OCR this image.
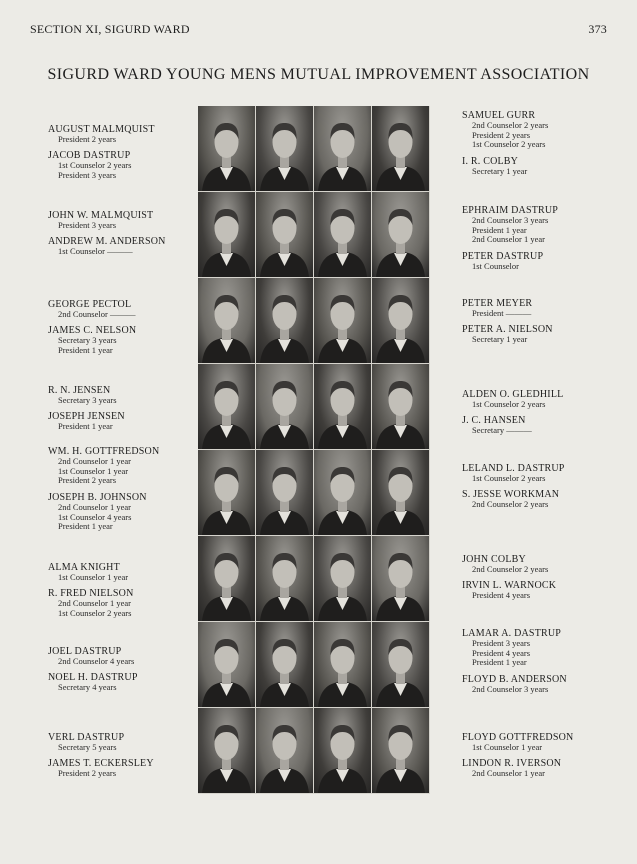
SECTION XI, SIGURD WARD	373
SIGURD WARD YOUNG MENS MUTUAL IMPROVEMENT ASSOCIATION
AUGUST MALMQUIST
President 2 years
JACOB DASTRUP
1st Counselor 2 years
President 3 years
JOHN W. MALMQUIST
President 3 years
ANDREW M. ANDERSON
1st Counselor ———
GEORGE PECTOL
2nd Counselor ———
JAMES C. NELSON
Secretary 3 years
President 1 year
R. N. JENSEN
Secretary 3 years
JOSEPH JENSEN
President 1 year
WM. H. GOTTFREDSON
2nd Counselor 1 year
1st Counselor 1 year
President 2 years
JOSEPH B. JOHNSON
2nd Counselor 1 year
1st Counselor 4 years
President 1 year
ALMA KNIGHT
1st Counselor 1 year
R. FRED NIELSON
2nd Counselor 1 year
1st Counselor 2 years
JOEL DASTRUP
2nd Counselor 4 years
NOEL H. DASTRUP
Secretary 4 years
VERL DASTRUP
Secretary 5 years
JAMES T. ECKERSLEY
President 2 years
SAMUEL GURR
2nd Counselor 2 years
President 2 years
1st Counselor 2 years
I. R. COLBY
Secretary 1 year
EPHRAIM DASTRUP
2nd Counselor 3 years
President 1 year
2nd Counselor 1 year
PETER DASTRUP
1st Counselor
PETER MEYER
President ———
PETER A. NIELSON
Secretary 1 year
ALDEN O. GLEDHILL
1st Counselor 2 years
J. C. HANSEN
Secretary ———
LELAND L. DASTRUP
1st Counselor 2 years
S. JESSE WORKMAN
2nd Counselor 2 years
JOHN COLBY
2nd Counselor 2 years
IRVIN L. WARNOCK
President 4 years
LAMAR A. DASTRUP
President 3 years
President 4 years
President 1 year
FLOYD B. ANDERSON
2nd Counselor 3 years
FLOYD GOTTFREDSON
1st Counselor 1 year
LINDON R. IVERSON
2nd Counselor 1 year
